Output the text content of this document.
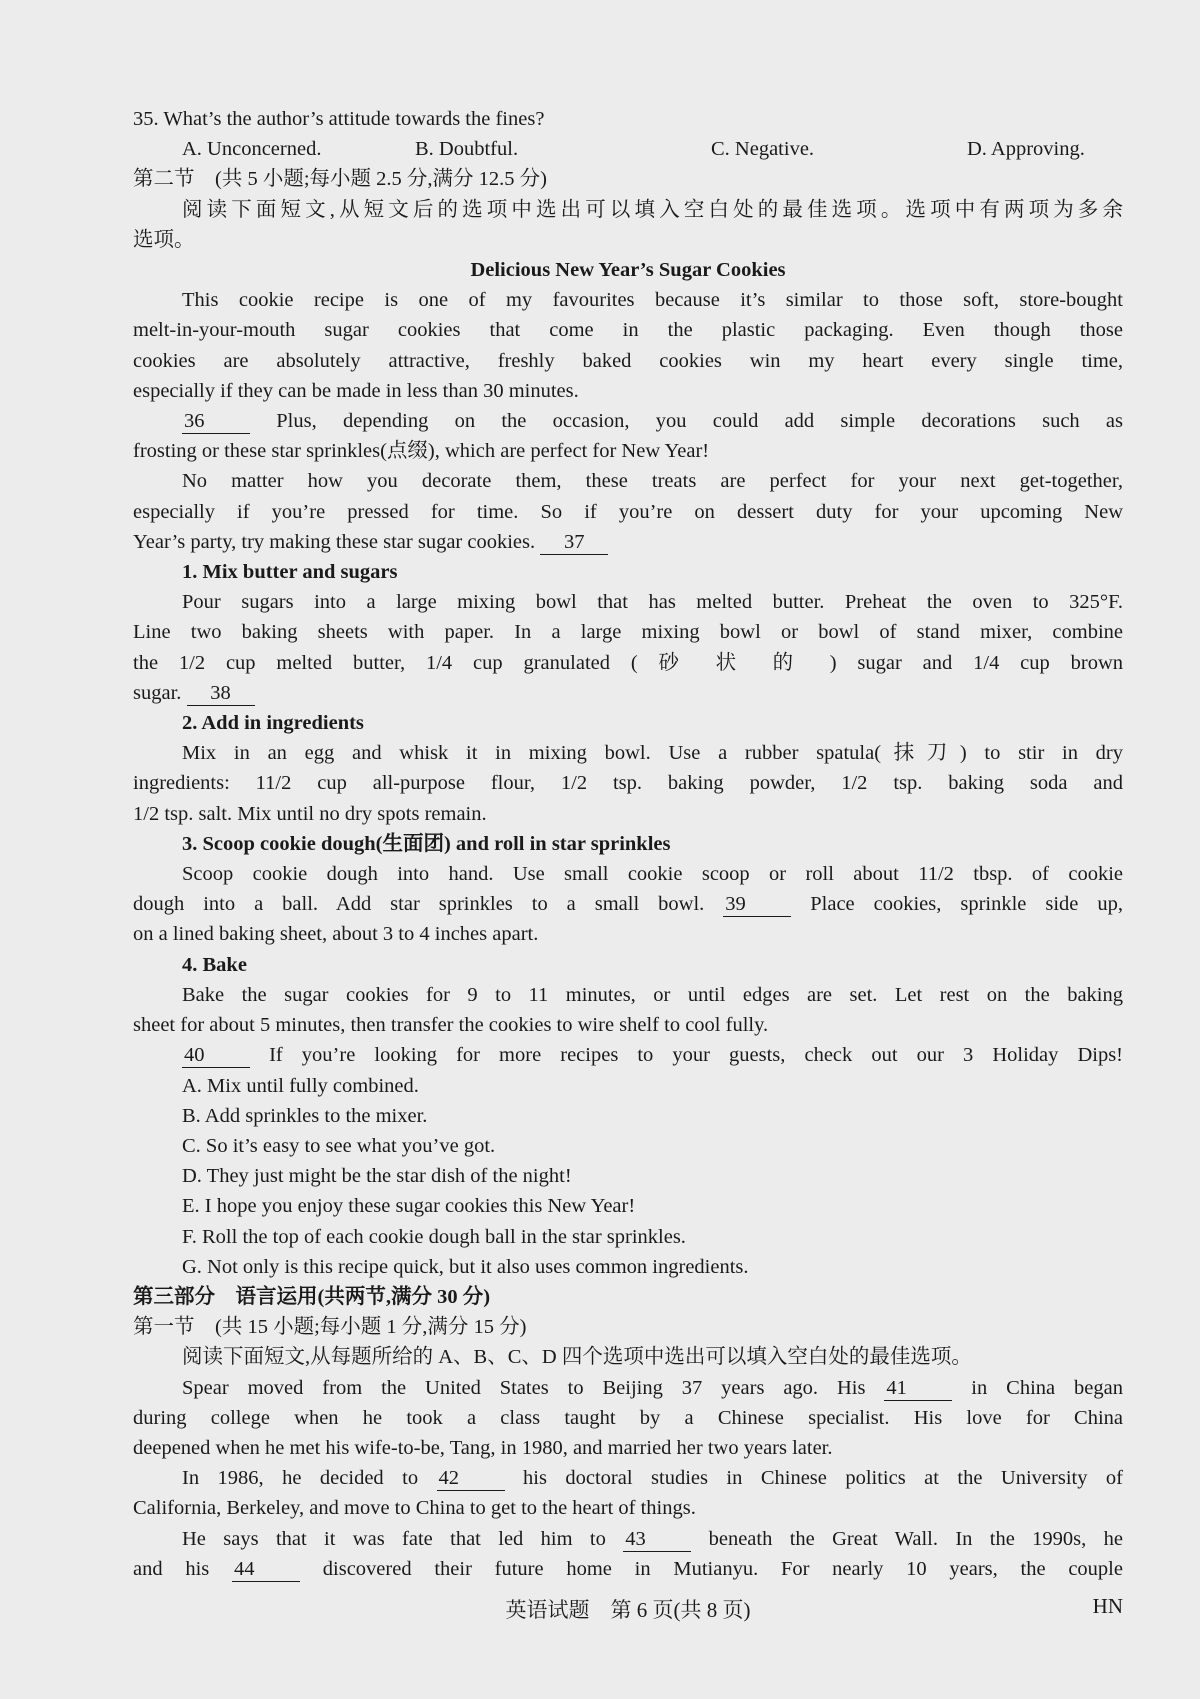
35. What’s the author’s attitude towards the fines?
A. Unconcerned.	B. Doubtful.	C. Negative.	D. Approving.
第二节　(共 5 小题;每小题 2.5 分,满分 12.5 分)
阅读下面短文,从短文后的选项中选出可以填入空白处的最佳选项。选项中有两项为多余
选项。
Delicious New Year’s Sugar Cookies
This cookie recipe is one of my favourites because it’s similar to those soft, store-bought
melt-in-your-mouth sugar cookies that come in the plastic packaging. Even though those
cookies are absolutely attractive, freshly baked cookies win my heart every single time,
especially if they can be made in less than 30 minutes.
36 Plus, depending on the occasion, you could add simple decorations such as
frosting or these star sprinkles(点缀), which are perfect for New Year!
No matter how you decorate them, these treats are perfect for your next get-together,
especially if you’re pressed for time. So if you’re on dessert duty for your upcoming New
Year’s party, try making these star sugar cookies. 37
1. Mix butter and sugars
Pour sugars into a large mixing bowl that has melted butter. Preheat the oven to 325°F.
Line two baking sheets with paper. In a large mixing bowl or bowl of stand mixer, combine
the 1/2 cup melted butter, 1/4 cup granulated ( 砂 状 的 ) sugar and 1/4 cup brown
sugar. 38
2. Add in ingredients
Mix in an egg and whisk it in mixing bowl. Use a rubber spatula(抹刀) to stir in dry
ingredients: 11/2 cup all-purpose flour, 1/2 tsp. baking powder, 1/2 tsp. baking soda and
1/2 tsp. salt. Mix until no dry spots remain.
3. Scoop cookie dough(生面团) and roll in star sprinkles
Scoop cookie dough into hand. Use small cookie scoop or roll about 11/2 tbsp. of cookie
dough into a ball. Add star sprinkles to a small bowl. 39 Place cookies, sprinkle side up,
on a lined baking sheet, about 3 to 4 inches apart.
4. Bake
Bake the sugar cookies for 9 to 11 minutes, or until edges are set. Let rest on the baking
sheet for about 5 minutes, then transfer the cookies to wire shelf to cool fully.
40 If you’re looking for more recipes to your guests, check out our 3 Holiday Dips!
A. Mix until fully combined.
B. Add sprinkles to the mixer.
C. So it’s easy to see what you’ve got.
D. They just might be the star dish of the night!
E. I hope you enjoy these sugar cookies this New Year!
F. Roll the top of each cookie dough ball in the star sprinkles.
G. Not only is this recipe quick, but it also uses common ingredients.
第三部分　语言运用(共两节,满分 30 分)
第一节　(共 15 小题;每小题 1 分,满分 15 分)
阅读下面短文,从每题所给的 A、B、C、D 四个选项中选出可以填入空白处的最佳选项。
Spear moved from the United States to Beijing 37 years ago. His 41 in China began
during college when he took a class taught by a Chinese specialist. His love for China
deepened when he met his wife-to-be, Tang, in 1980, and married her two years later.
In 1986, he decided to 42 his doctoral studies in Chinese politics at the University of
California, Berkeley, and move to China to get to the heart of things.
He says that it was fate that led him to 43 beneath the Great Wall. In the 1990s, he
and his 44 discovered their future home in Mutianyu. For nearly 10 years, the couple
英语试题　第 6 页(共 8 页)	HN
